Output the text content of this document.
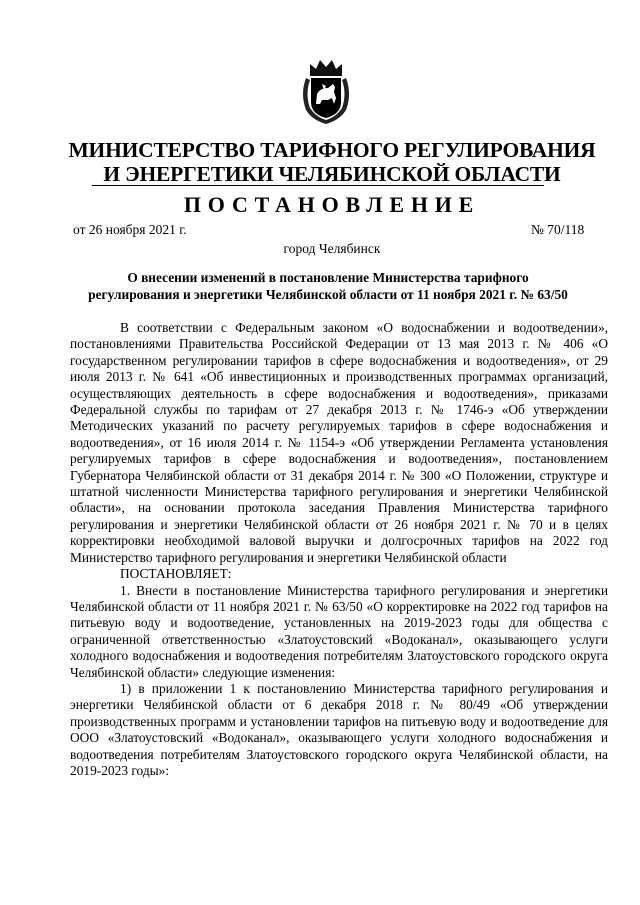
МИНИСТЕРСТВО ТАРИФНОГО РЕГУЛИРОВАНИЯ
И ЭНЕРГЕТИКИ ЧЕЛЯБИНСКОЙ ОБЛАСТИ
ПОСТАНОВЛЕНИЕ
от 26 ноября 2021 г.	№ 70/118
город Челябинск
О внесении изменений в постановление Министерства тарифного
регулирования и энергетики Челябинской области от 11 ноября 2021 г. № 63/50

В соответствии с Федеральным законом «О водоснабжении и водоотведении», постановлениями Правительства Российской Федерации от 13 мая 2013 г. № 406 «О государственном регулировании тарифов в сфере водоснабжения и водоотведения», от 29 июля 2013 г. № 641 «Об инвестиционных и производственных программах организаций, осуществляющих деятельность в сфере водоснабжения и водоотведения», приказами Федеральной службы по тарифам от 27 декабря 2013 г. № 1746-э «Об утверждении Методических указаний по расчету регулируемых тарифов в сфере водоснабжения и водоотведения», от 16 июля 2014 г. № 1154-э «Об утверждении Регламента установления регулируемых тарифов в сфере водоснабжения и водоотведения», постановлением Губернатора Челябинской области от 31 декабря 2014 г. № 300 «О Положении, структуре и штатной численности Министерства тарифного регулирования и энергетики Челябинской области», на основании протокола заседания Правления Министерства тарифного регулирования и энергетики Челябинской области от 26 ноября 2021 г. № 70 и в целях корректировки необходимой валовой выручки и долгосрочных тарифов на 2022 год Министерство тарифного регулирования и энергетики Челябинской области

ПОСТАНОВЛЯЕТ:

1. Внести в постановление Министерства тарифного регулирования и энергетики Челябинской области от 11 ноября 2021 г. № 63/50 «О корректировке на 2022 год тарифов на питьевую воду и водоотведение, установленных на 2019-2023 годы для общества с ограниченной ответственностью «Златоустовский «Водоканал», оказывающего услуги холодного водоснабжения и водоотведения потребителям Златоустовского городского округа Челябинской области» следующие изменения:

1) в приложении 1 к постановлению Министерства тарифного регулирования и энергетики Челябинской области от 6 декабря 2018 г. № 80/49 «Об утверждении производственных программ и установлении тарифов на питьевую воду и водоотведение для ООО «Златоустовский «Водоканал», оказывающего услуги холодного водоснабжения и водоотведения потребителям Златоустовского городского округа Челябинской области, на 2019-2023 годы»:
